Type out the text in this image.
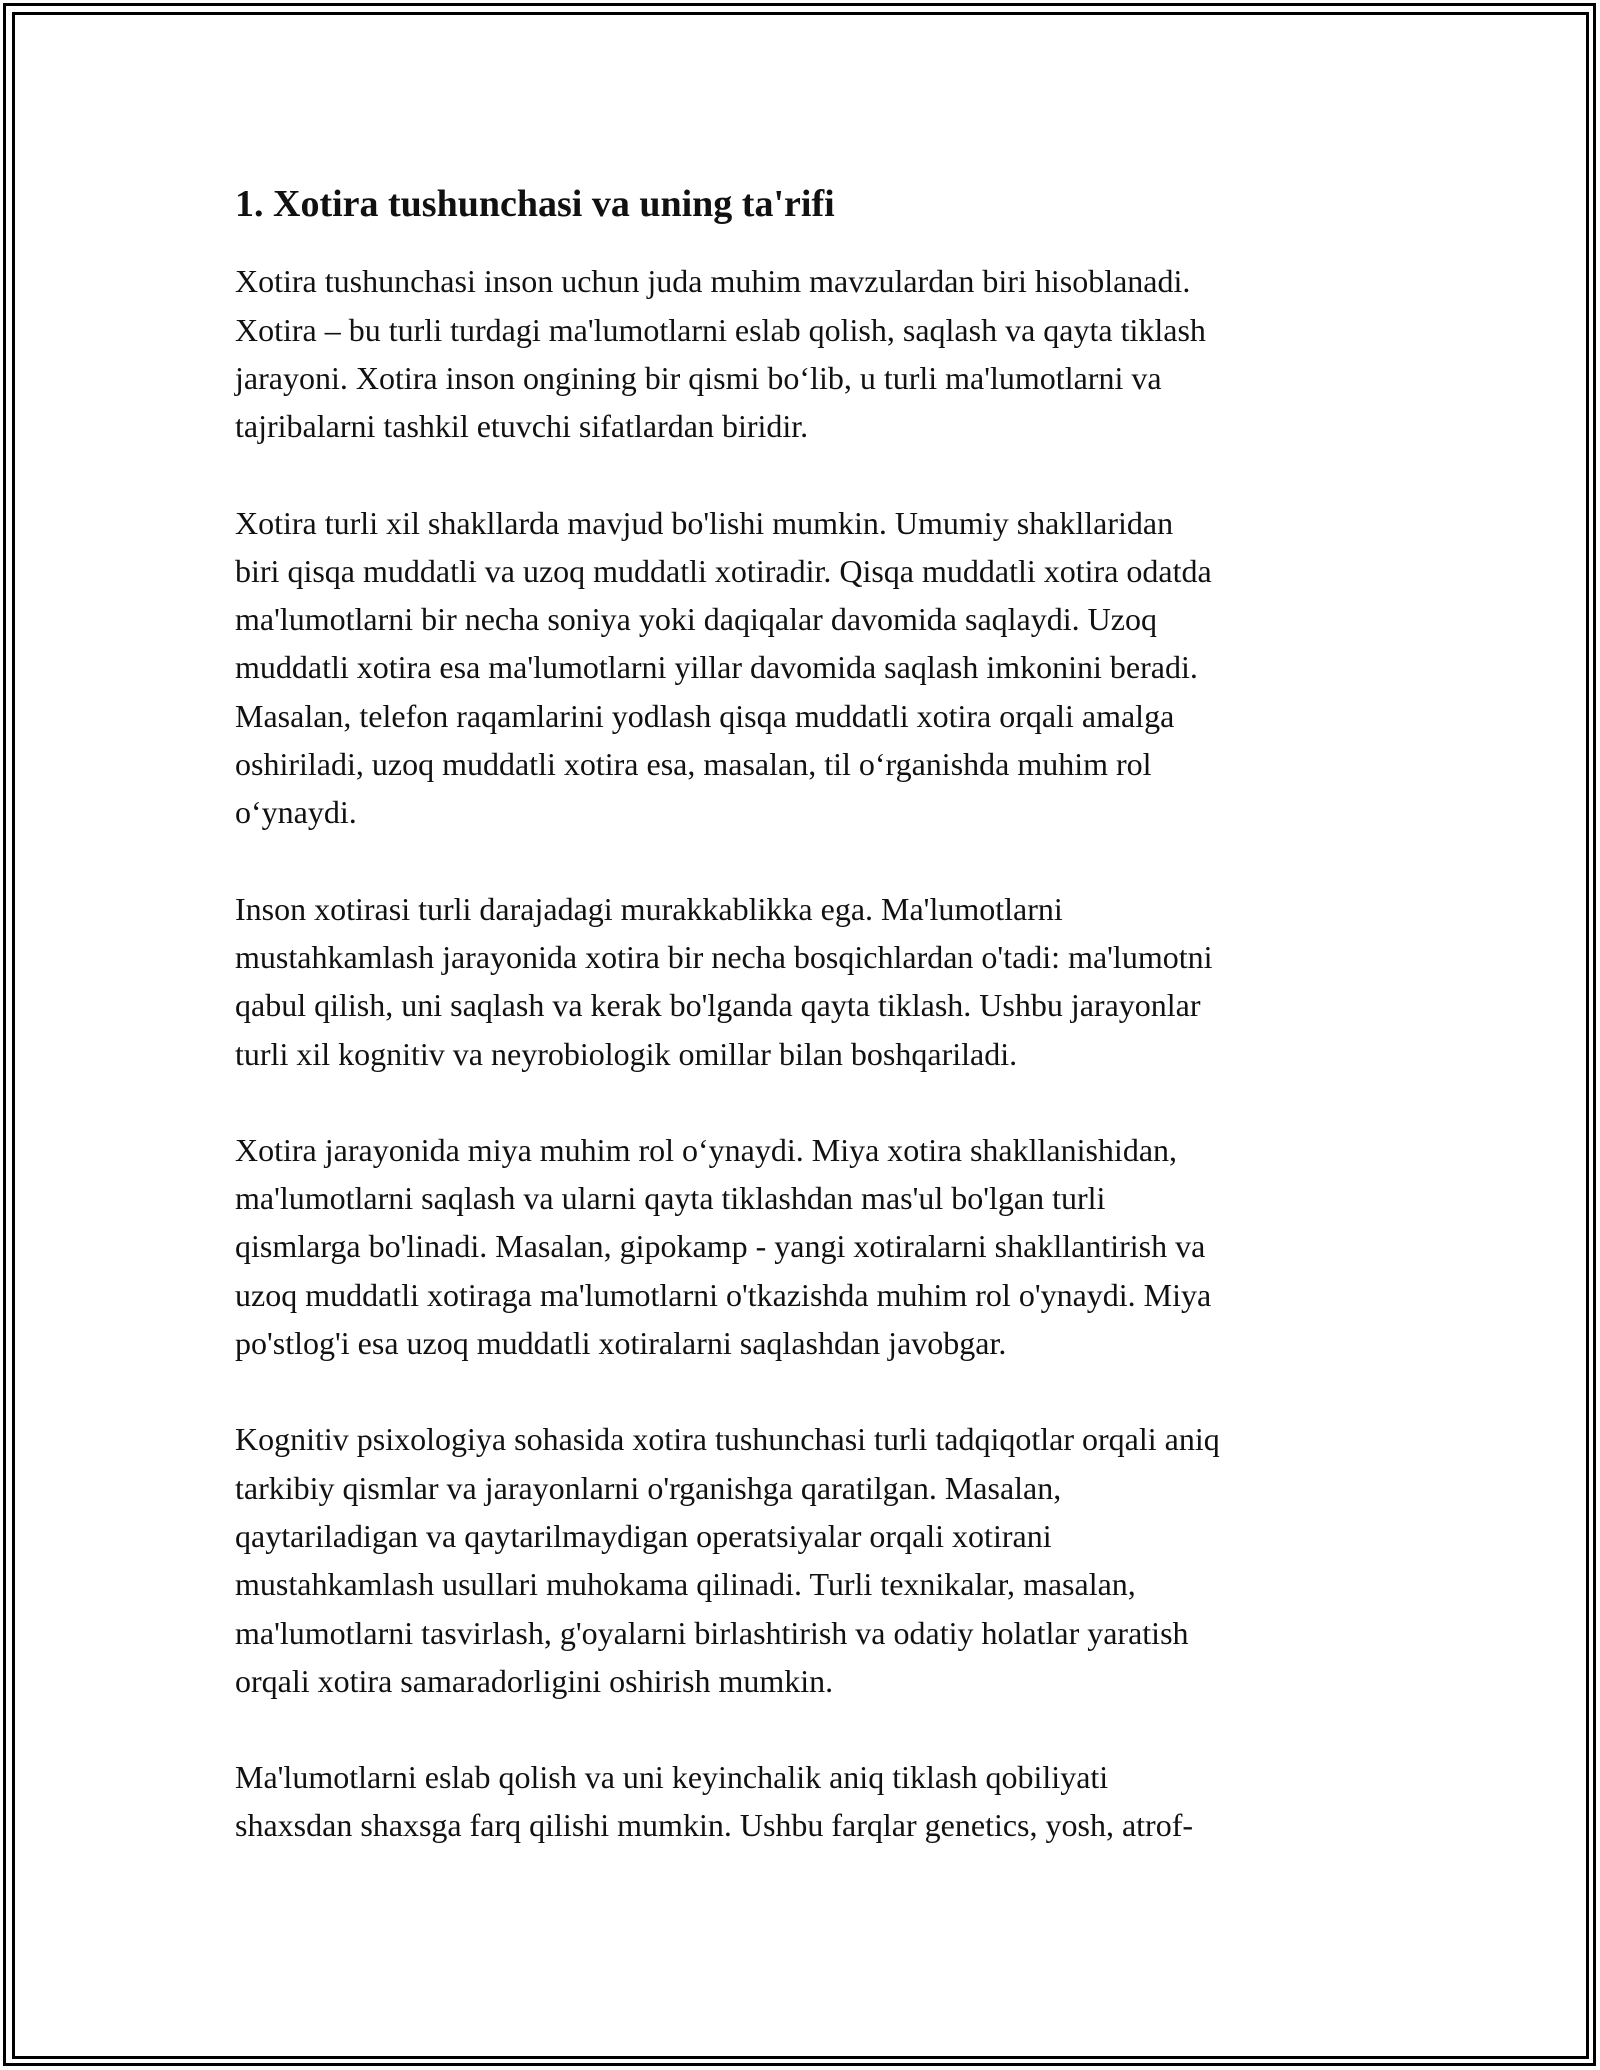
1. Xotira tushunchasi va uning ta'rifi

Xotira tushunchasi inson uchun juda muhim mavzulardan biri hisoblanadi.
Xotira – bu turli turdagi ma'lumotlarni eslab qolish, saqlash va qayta tiklash
jarayoni. Xotira inson ongining bir qismi bo‘lib, u turli ma'lumotlarni va
tajribalarni tashkil etuvchi sifatlardan biridir.

Xotira turli xil shakllarda mavjud bo'lishi mumkin. Umumiy shakllaridan
biri qisqa muddatli va uzoq muddatli xotiradir. Qisqa muddatli xotira odatda
ma'lumotlarni bir necha soniya yoki daqiqalar davomida saqlaydi. Uzoq
muddatli xotira esa ma'lumotlarni yillar davomida saqlash imkonini beradi.
Masalan, telefon raqamlarini yodlash qisqa muddatli xotira orqali amalga
oshiriladi, uzoq muddatli xotira esa, masalan, til o‘rganishda muhim rol
o‘ynaydi.

Inson xotirasi turli darajadagi murakkablikka ega. Ma'lumotlarni
mustahkamlash jarayonida xotira bir necha bosqichlardan o'tadi: ma'lumotni
qabul qilish, uni saqlash va kerak bo'lganda qayta tiklash. Ushbu jarayonlar
turli xil kognitiv va neyrobiologik omillar bilan boshqariladi.

Xotira jarayonida miya muhim rol o‘ynaydi. Miya xotira shakllanishidan,
ma'lumotlarni saqlash va ularni qayta tiklashdan mas'ul bo'lgan turli
qismlarga bo'linadi. Masalan, gipokamp - yangi xotiralarni shakllantirish va
uzoq muddatli xotiraga ma'lumotlarni o'tkazishda muhim rol o'ynaydi. Miya
po'stlog'i esa uzoq muddatli xotiralarni saqlashdan javobgar.

Kognitiv psixologiya sohasida xotira tushunchasi turli tadqiqotlar orqali aniq
tarkibiy qismlar va jarayonlarni o'rganishga qaratilgan. Masalan,
qaytariladigan va qaytarilmaydigan operatsiyalar orqali xotirani
mustahkamlash usullari muhokama qilinadi. Turli texnikalar, masalan,
ma'lumotlarni tasvirlash, g'oyalarni birlashtirish va odatiy holatlar yaratish
orqali xotira samaradorligini oshirish mumkin.

Ma'lumotlarni eslab qolish va uni keyinchalik aniq tiklash qobiliyati
shaxsdan shaxsga farq qilishi mumkin. Ushbu farqlar genetics, yosh, atrof-
